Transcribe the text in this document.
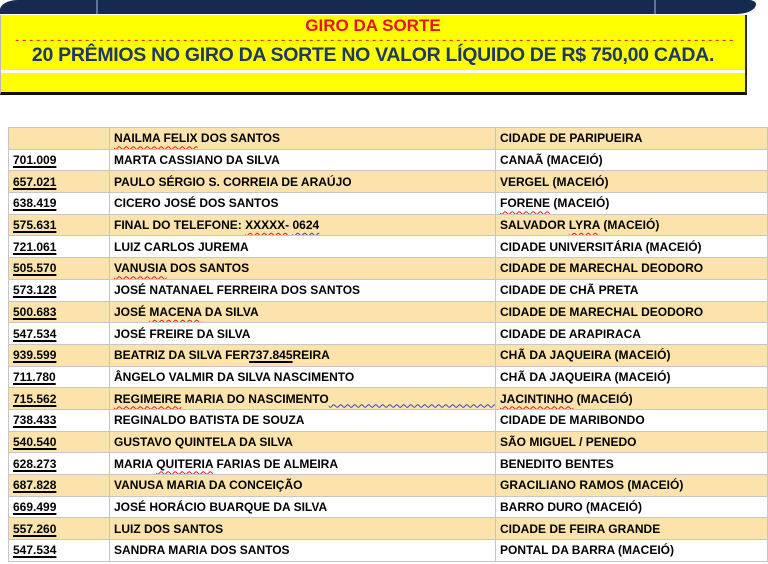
GIRO DA SORTE

20 PRÊMIOS NO GIRO DA SORTE NO VALOR LÍQUIDO DE R$ 750,00 CADA.
	NAILMA FELIX DOS SANTOS	CIDADE DE PARIPUEIRA
701.009	MARTA CASSIANO DA SILVA	CANAÃ (MACEIÓ)
657.021	PAULO SÉRGIO S. CORREIA DE ARAÚJO	VERGEL (MACEIÓ)
638.419	CICERO JOSÉ DOS SANTOS	FORENE (MACEIÓ)
575.631	FINAL DO TELEFONE: XXXXX- 0624	SALVADOR LYRA (MACEIÓ)
721.061	LUIZ CARLOS JUREMA	CIDADE UNIVERSITÁRIA (MACEIÓ)
505.570	VANUSIA DOS SANTOS	CIDADE DE MARECHAL DEODORO
573.128	JOSÉ NATANAEL FERREIRA DOS SANTOS	CIDADE DE CHÃ PRETA
500.683	JOSÉ MACENA DA SILVA	CIDADE DE MARECHAL DEODORO
547.534	JOSÉ FREIRE DA SILVA	CIDADE DE ARAPIRACA
939.599	BEATRIZ DA SILVA FER737.845REIRA	CHÃ DA JAQUEIRA (MACEIÓ)
711.780	ÂNGELO VALMIR DA SILVA NASCIMENTO	CHÃ DA JAQUEIRA (MACEIÓ)
715.562	REGIMEIRE MARIA DO NASCIMENTO	JACINTINHO (MACEIÓ)
738.433	REGINALDO BATISTA DE SOUZA	CIDADE DE MARIBONDO
540.540	GUSTAVO QUINTELA DA SILVA	SÃO MIGUEL / PENEDO
628.273	MARIA QUITERIA FARIAS DE ALMEIRA	BENEDITO BENTES
687.828	VANUSA MARIA DA CONCEIÇÃO	GRACILIANO RAMOS (MACEIÓ)
669.499	JOSÉ HORÁCIO BUARQUE DA SILVA	BARRO DURO (MACEIÓ)
557.260	LUIZ DOS SANTOS	CIDADE DE FEIRA GRANDE
547.534	SANDRA MARIA DOS SANTOS	PONTAL DA BARRA (MACEIÓ)
